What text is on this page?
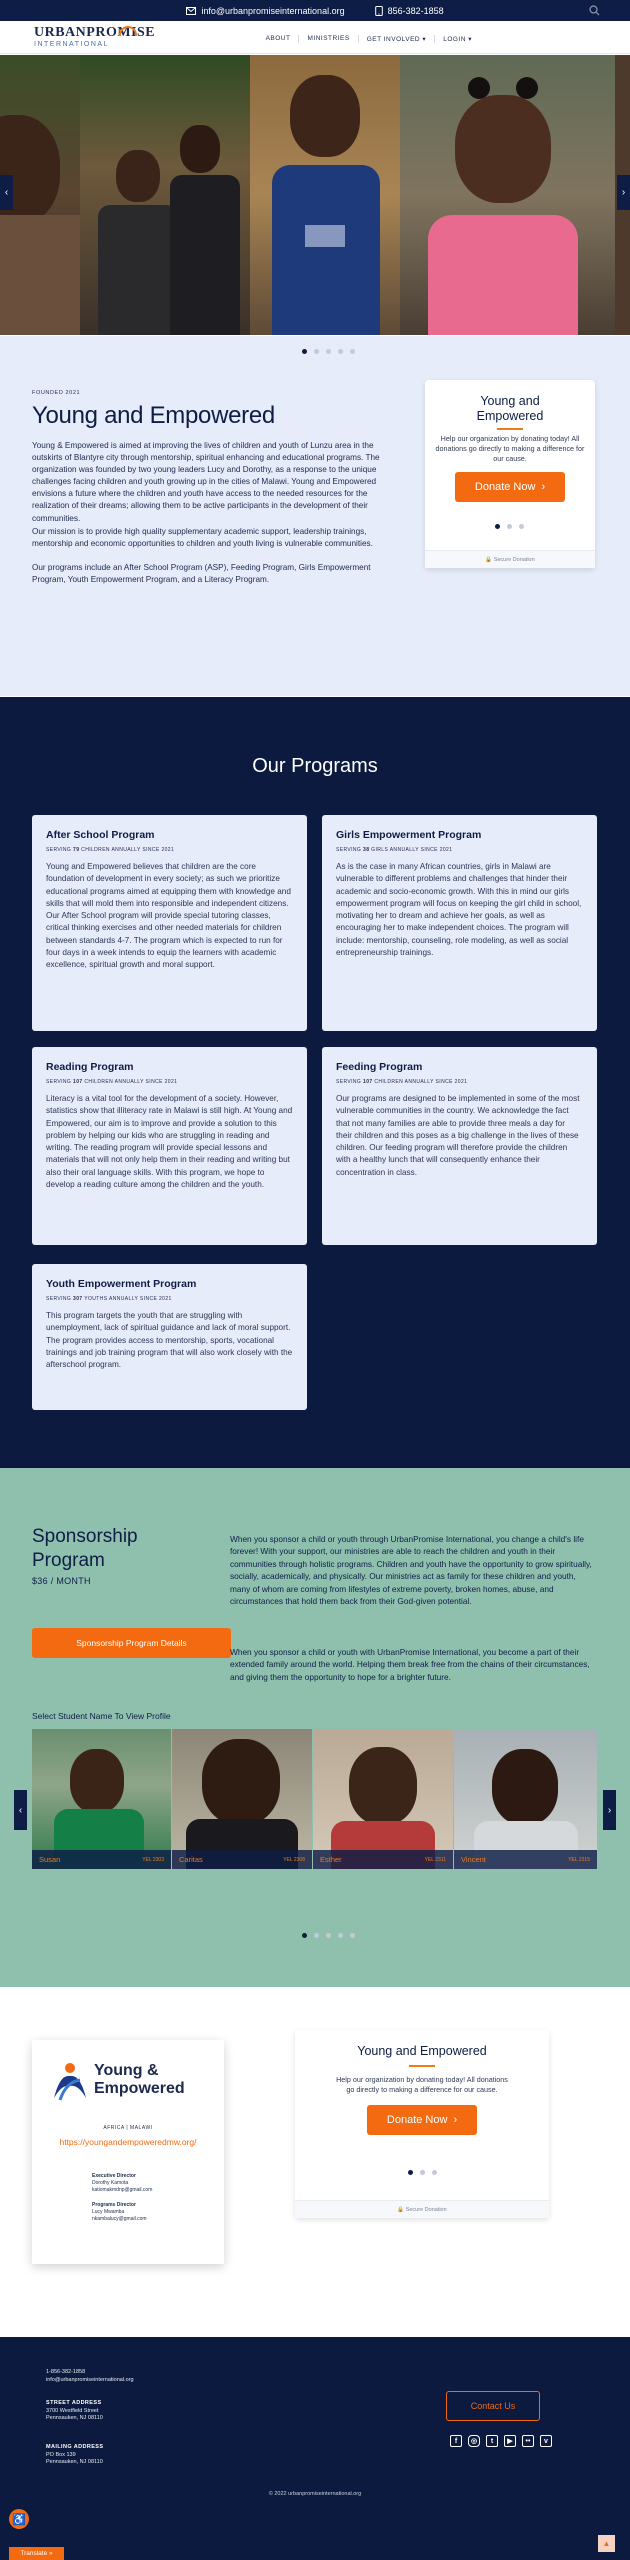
info@urbanpromiseinternational.org	856-382-1858
URBANPROMISE
INTERNATIONAL
ABOUT	MINISTRIES	GET INVOLVED ▾	LOGIN ▾
‹	›
FOUNDED 2021
Young and Empowered
Young & Empowered is aimed at improving the lives of children and youth of Lunzu area in the outskirts of Blantyre city through mentorship, spiritual enhancing and educational programs. The organization was founded by two young leaders Lucy and Dorothy, as a response to the unique challenges facing children and youth growing up in the cities of Malawi. Young and Empowered envisions a future where the children and youth have access to the needed resources for the realization of their dreams; allowing them to be active participants in the development of their communities.
Our mission is to provide high quality supplementary academic support, leadership trainings, mentorship and economic opportunities to children and youth living is vulnerable communities.
Our programs include an After School Program (ASP), Feeding Program, Girls Empowerment Program, Youth Empowerment Program, and a Literacy Program.
Young and Empowered
Help our organization by donating today! All donations go directly to making a difference for our cause.
Donate Now ›
🔒 Secure Donation
Our Programs
After School Program
SERVING 79 CHILDREN ANNUALLY SINCE 2021
Young and Empowered believes that children are the core foundation of development in every society; as such we prioritize educational programs aimed at equipping them with knowledge and skills that will mold them into responsible and independent citizens. Our After School program will provide special tutoring classes, critical thinking exercises and other needed materials for children between standards 4-7. The program which is expected to run for four days in a week intends to equip the learners with academic excellence, spiritual growth and moral support.
Girls Empowerment Program
SERVING 38 GIRLS ANNUALLY SINCE 2021
As is the case in many African countries, girls in Malawi are vulnerable to different problems and challenges that hinder their academic and socio-economic growth. With this in mind our girls empowerment program will focus on keeping the girl child in school, motivating her to dream and achieve her goals, as well as encouraging her to make independent choices. The program will include: mentorship, counseling, role modeling, as well as social entrepreneurship trainings.
Reading Program
SERVING 107 CHILDREN ANNUALLY SINCE 2021
Literacy is a vital tool for the development of a society. However, statistics show that illiteracy rate in Malawi is still high. At Young and Empowered, our aim is to improve and provide a solution to this problem by helping our kids who are struggling in reading and writing. The reading program will provide special lessons and materials that will not only help them in their reading and writing but also their oral language skills. With this program, we hope to develop a reading culture among the children and the youth.
Feeding Program
SERVING 107 CHILDREN ANNUALLY SINCE 2021
Our programs are designed to be implemented in some of the most vulnerable communities in the country. We acknowledge the fact that not many families are able to provide three meals a day for their children and this poses as a big challenge in the lives of these children. Our feeding program will therefore provide the children with a healthy lunch that will consequently enhance their concentration in class.
Youth Empowerment Program
SERVING 307 YOUTHS ANNUALLY SINCE 2021
This program targets the youth that are struggling with unemployment, lack of spiritual guidance and lack of moral support. The program provides access to mentorship, sports, vocational trainings and job training program that will also work closely with the afterschool program.
Sponsorship
Program
$36 / MONTH
Sponsorship Program Details
When you sponsor a child or youth through UrbanPromise International, you change a child's life forever! With your support, our ministries are able to reach the children and youth in their communities through holistic programs. Children and youth have the opportunity to grow spiritually, socially, academically, and physically. Our ministries act as family for these children and youth, many of whom are coming from lifestyles of extreme poverty, broken homes, abuse, and circumstances that hold them back from their God-given potential.
When you sponsor a child or youth with UrbanPromise International, you become a part of their extended family around the world. Helping them break free from the chains of their circumstances, and giving them the opportunity to hope for a brighter future.
Select Student Name To View Profile
Susan	YEL 2303 Caritas	YEL 2308 Esther	YEL 2311 Vincent	YEL 2315
‹	›
Young &
Empowered
AFRICA | MALAWI
https://youngandempoweredmw.org/
Executive Director
Dorothy Kamota
katiomakmdnp@gmail.com
Programs Director
Lucy Mwamba
nkambalucy@gmail.com
Young and Empowered
Help our organization by donating today! All donations go directly to making a difference for our cause.
Donate Now ›
🔒 Secure Donation
1-856-382-1858
info@urbanpromiseinternational.org
STREET ADDRESS
3700 Westfield Street
Pennsauken, NJ 08110
MAILING ADDRESS
PO Box 139
Pennsauken, NJ 08110
Contact Us
f	◎	t	▶	••	v
© 2022 urbanpromiseinternational.org
♿
Translate »
▲
